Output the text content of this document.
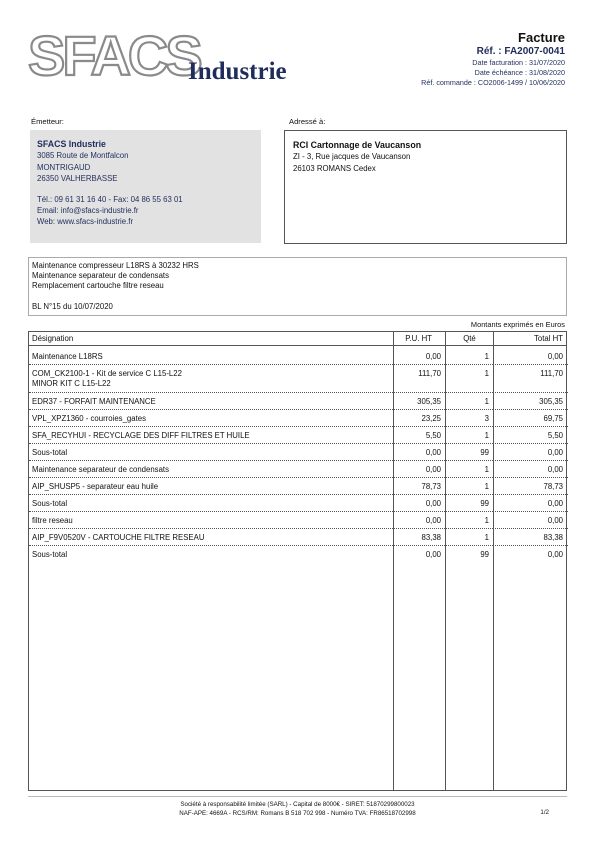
SFACS
Industrie
Facture
Réf. : FA2007-0041
Date facturation : 31/07/2020
Date échéance : 31/08/2020
Réf. commande : CO2006-1499 / 10/06/2020
Émetteur:	Adressé à:
SFACS Industrie
3085 Route de Montfalcon
MONTRIGAUD
26350 VALHERBASSE
Tél.: 09 61 31 16 40 - Fax: 04 86 55 63 01
Email: info@sfacs-industrie.fr
Web: www.sfacs-industrie.fr
RCI Cartonnage de Vaucanson
ZI - 3, Rue jacques de Vaucanson
26103 ROMANS Cedex
Maintenance compresseur L18RS à 30232 HRS
Maintenance separateur de condensats
Remplacement cartouche filtre reseau
BL N°15 du 10/07/2020
Montants exprimés en Euros
Désignation	P.U. HT	Qté	Total HT
Maintenance L18RS	0,00	1	0,00
COM_CK2100-1 - Kit de service C L15-L22
MINOR KIT C L15-L22
111,70	1	111,70
EDR37 - FORFAIT MAINTENANCE	305,35	1	305,35
VPL_XPZ1360 - courroies_gates	23,25	3	69,75
SFA_RECYHUI - RECYCLAGE DES DIFF FILTRES ET HUILE	5,50	1	5,50
Sous-total	0,00	99	0,00
Maintenance separateur de condensats	0,00	1	0,00
AIP_SHUSP5 - separateur eau huile	78,73	1	78,73
Sous-total	0,00	99	0,00
filtre reseau	0,00	1	0,00
AIP_F9V0520V - CARTOUCHE FILTRE RESEAU	83,38	1	83,38
Sous-total	0,00	99	0,00
Société à responsabilité limitée (SARL) - Capital de 8000€ - SIRET: 51870299800023
NAF-APE: 4669A - RCS/RM: Romans B 518 702 998 - Numéro TVA: FR86518702998	1/2
